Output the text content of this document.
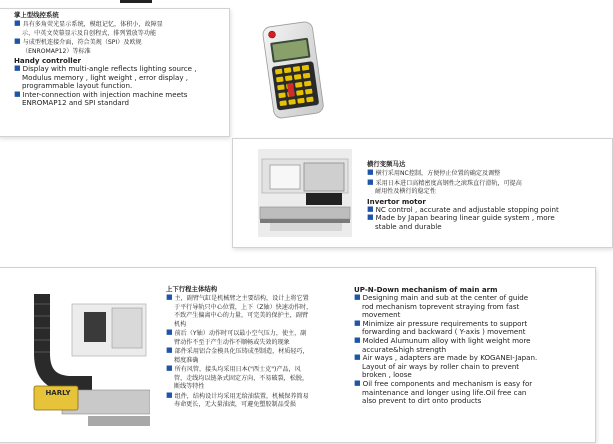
掌上型线控系统
■ 具有多角荧光显示系统，模组记忆，体积小，故障显
示，中英文荧幕显示及自创程式，排列置放等功能
■ 与成型机连接介面，符合美规（SPI）及欧规
（ENROMAP12）等标准
Handy controller
■ Display with multi-angle reflects lighting source ,
Modulus memory , light weight , error display ,
programmable layout function.
■ Inter-connection with injection machine meets
ENROMAP12 and SPI standard
横行变频马达
■ 横行采用NC控制，方便停止位置的确定及调整
■ 采用日本进口高精密度高钢性之滚珠直行滑轨，可提高
耐用性及横行的稳定性
Invertor motor
■ NC control , accurate and adjustable stopping point
■ Made by Japan bearing linear guide system , more
stable and durable
HARLY
上下行程主体结构
■ 主，副臂气缸是机械臂之主要结构，设计上将它置
于平行导轨只中心位置，上下（Z轴）快速动作时，
不致产生偏离中心的力量，可完美的保护主，副臂
机构
■ 前后（Y轴）动作时可以最小空气压力，使主，副
臂动作不至于产生动作不顺畅或失效的现象
■ 部件采用铝合金模具化压铸成型制造，材质轻巧，
精度准确
■ 所有风管，接头均采用日本("西士克")产品，风
管，走线均以链条式固定方向，不易破裂，松脱，
断线等特性
■ 组件，结构设计均采用无给油装置，机械保养简易
寿命更长，无大量油渍，可避免塑胶制品受损
UP-N-Down mechanism of main arm
■ Designing main and sub at the center of guide
rod mechanism toprevent straying from fast
movement
■ Minimize air pressure requirements to support
forwarding and backward ( Y-axis ) movement
■ Molded Alumunum alloy with light weight more
accurate&high strength
■ Air ways , adapters are made by KOGANEI-Japan.
Layout of air ways by roller chain to prevent
broken , loose
■ Oil free components and mechanism is easy for
maintenance and longer using life.Oil free can
also prevent to dirt onto products
